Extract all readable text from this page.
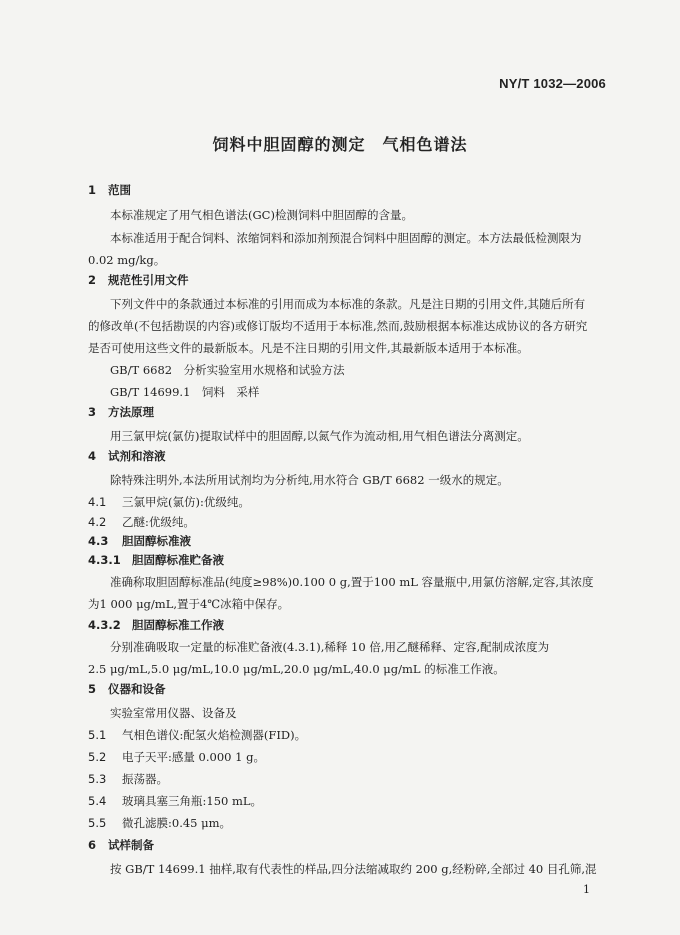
NY/T 1032—2006
饲料中胆固醇的测定　气相色谱法
1 范围
本标准规定了用气相色谱法(GC)检测饲料中胆固醇的含量。
本标准适用于配合饲料、浓缩饲料和添加剂预混合饲料中胆固醇的测定。本方法最低检测限为
0.02 mg/kg。
2 规范性引用文件
下列文件中的条款通过本标准的引用而成为本标准的条款。凡是注日期的引用文件,其随后所有
的修改单(不包括勘误的内容)或修订版均不适用于本标准,然而,鼓励根据本标准达成协议的各方研究
是否可使用这些文件的最新版本。凡是不注日期的引用文件,其最新版本适用于本标准。
GB/T 6682　分析实验室用水规格和试验方法
GB/T 14699.1　饲料　采样
3 方法原理
用三氯甲烷(氯仿)提取试样中的胆固醇,以氮气作为流动相,用气相色谱法分离测定。
4 试剂和溶液
除特殊注明外,本法所用试剂均为分析纯,用水符合 GB/T 6682 一级水的规定。
4.1 三氯甲烷(氯仿):优级纯。
4.2 乙醚:优级纯。
4.3 胆固醇标准液
4.3.1 胆固醇标准贮备液
准确称取胆固醇标准品(纯度≥98%)0.100 0 g,置于100 mL 容量瓶中,用氯仿溶解,定容,其浓度
为1 000 μg/mL,置于4℃冰箱中保存。
4.3.2 胆固醇标准工作液
分别准确吸取一定量的标准贮备液(4.3.1),稀释 10 倍,用乙醚稀释、定容,配制成浓度为
2.5 μg/mL,5.0 μg/mL,10.0 μg/mL,20.0 μg/mL,40.0 μg/mL 的标准工作液。
5 仪器和设备
实验室常用仪器、设备及
5.1 气相色谱仪:配氢火焰检测器(FID)。
5.2 电子天平:感量 0.000 1 g。
5.3 振荡器。
5.4 玻璃具塞三角瓶:150 mL。
5.5 微孔滤膜:0.45 μm。
6 试样制备
按 GB/T 14699.1 抽样,取有代表性的样品,四分法缩减取约 200 g,经粉碎,全部过 40 目孔筛,混
1
